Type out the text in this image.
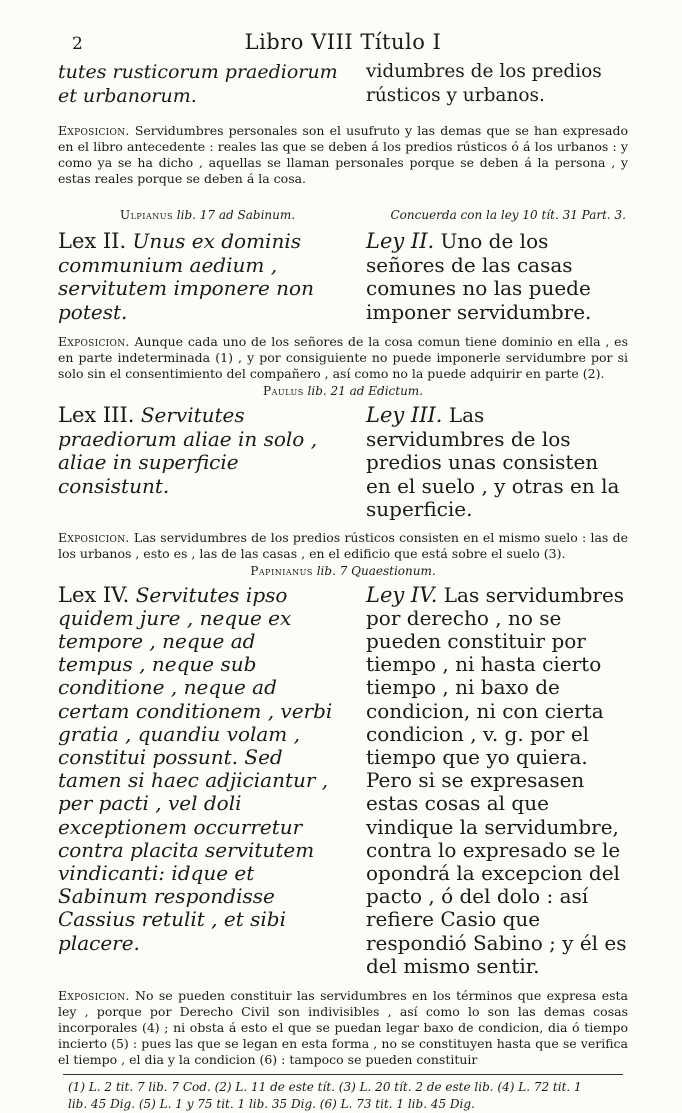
2	Libro VIII Título I
tutes rusticorum praediorum et urbanorum.
vidumbres de los predios rústicos y urbanos.

Exposicion. Servidumbres personales son el usufruto y las demas que se han expresado en el libro antecedente : reales las que se deben á los predios rústicos ó á los urbanos : y como ya se ha dicho , aquellas se llaman personales porque se deben á la persona , y estas reales porque se deben á la cosa.

Ulpianus lib. 17 ad Sabinum.	Concuerda con la ley 10 tít. 31 Part. 3.
Lex II. Unus ex dominis communium aedium , servitutem imponere non potest.
Ley II. Uno de los señores de las casas comunes no las puede imponer servidumbre.

Exposicion. Aunque cada uno de los señores de la cosa comun tiene dominio en ella , es en parte indeterminada (1) , y por consiguiente no puede imponerle servidumbre por si solo sin el consentimiento del compañero , así como no la puede adquirir en parte (2).

Paulus lib. 21 ad Edictum.
Lex III. Servitutes praediorum aliae in solo , aliae in superficie consistunt.
Ley III. Las servidumbres de los predios unas consisten en el suelo , y otras en la superficie.

Exposicion. Las servidumbres de los predios rústicos consisten en el mismo suelo : las de los urbanos , esto es , las de las casas , en el edificio que está sobre el suelo (3).

Papinianus lib. 7 Quaestionum.
Lex IV. Servitutes ipso quidem jure , neque ex tempore , neque ad tempus , neque sub conditione , neque ad certam conditionem , verbi gratia , quandiu volam , constitui possunt. Sed tamen si haec adjiciantur , per pacti , vel doli exceptionem occurretur contra placita servitutem vindicanti: idque et Sabinum respondisse Cassius retulit , et sibi placere.
Ley IV. Las servidumbres por derecho , no se pueden constituir por tiempo , ni hasta cierto tiempo , ni baxo de condicion, ni con cierta condicion , v. g. por el tiempo que yo quiera. Pero si se expresasen estas cosas al que vindique la servidumbre, contra lo expresado se le opondrá la excepcion del pacto , ó del dolo : así refiere Casio que respondió Sabino ; y él es del mismo sentir.

Exposicion. No se pueden constituir las servidumbres en los términos que expresa esta ley , porque por Derecho Civil son indivisibles , así como lo son las demas cosas incorporales (4) ; ni obsta á esto el que se puedan legar baxo de condicion, dia ó tiempo incierto (5) : pues las que se legan en esta forma , no se constituyen hasta que se verifica el tiempo , el dia y la condicion (6) : tampoco se pueden constituir

(1) L. 2 tit. 7 lib. 7 Cod. (2) L. 11 de este tít. (3) L. 20 tít. 2 de este lib. (4) L. 72 tit. 1
lib. 45 Dig. (5) L. 1 y 75 tit. 1 lib. 35 Dig. (6) L. 73 tit. 1 lib. 45 Dig.
